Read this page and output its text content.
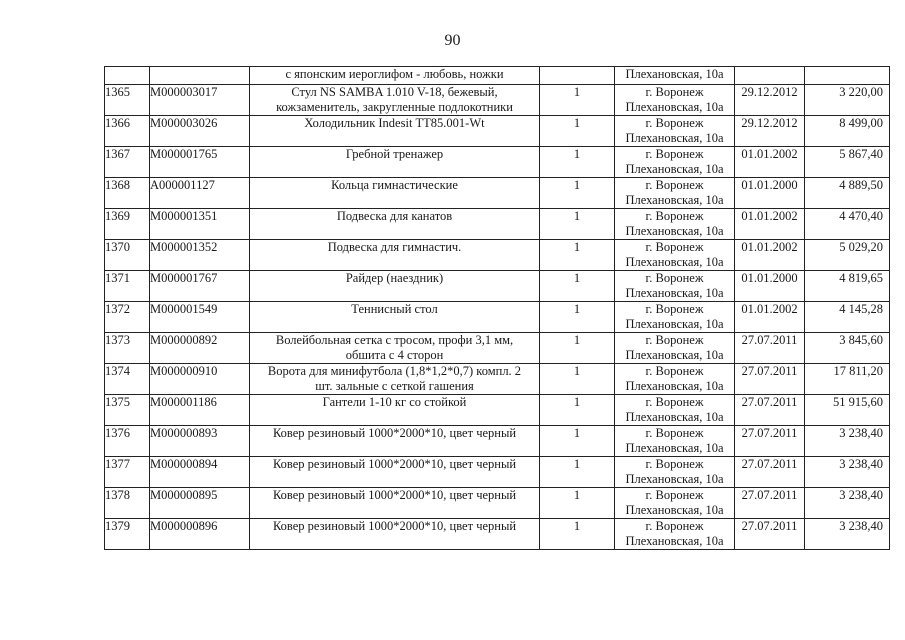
90

		с японским иероглифом - любовь, ножки		Плехановская, 10а		

1365	М000003017	Стул NS SAMBA 1.010 V-18, бежевый,
кожзаменитель, закругленные подлокотники	1	г. Воронеж
Плехановская, 10а	29.12.2012	3 220,00

1366	М000003026	Холодильник Indesit ТТ85.001-Wt	1	г. Воронеж
Плехановская, 10а	29.12.2012	8 499,00

1367	М000001765	Гребной тренажер	1	г. Воронеж
Плехановская, 10а	01.01.2002	5 867,40

1368	А000001127	Кольца гимнастические	1	г. Воронеж
Плехановская, 10а	01.01.2000	4 889,50

1369	М000001351	Подвеска для канатов	1	г. Воронеж
Плехановская, 10а	01.01.2002	4 470,40

1370	М000001352	Подвеска для гимнастич.	1	г. Воронеж
Плехановская, 10а	01.01.2002	5 029,20

1371	М000001767	Райдер (наездник)	1	г. Воронеж
Плехановская, 10а	01.01.2000	4 819,65

1372	М000001549	Теннисный стол	1	г. Воронеж
Плехановская, 10а	01.01.2002	4 145,28

1373	М000000892	Волейбольная сетка с тросом, профи 3,1 мм,
обшита с 4 сторон	1	г. Воронеж
Плехановская, 10а	27.07.2011	3 845,60

1374	М000000910	Ворота для минифутбола (1,8*1,2*0,7) компл. 2
шт. зальные с сеткой гашения	1	г. Воронеж
Плехановская, 10а	27.07.2011	17 811,20

1375	М000001186	Гантели 1-10 кг со стойкой	1	г. Воронеж
Плехановская, 10а	27.07.2011	51 915,60

1376	М000000893	Ковер резиновый 1000*2000*10, цвет черный	1	г. Воронеж
Плехановская, 10а	27.07.2011	3 238,40

1377	М000000894	Ковер резиновый 1000*2000*10, цвет черный	1	г. Воронеж
Плехановская, 10а	27.07.2011	3 238,40

1378	М000000895	Ковер резиновый 1000*2000*10, цвет черный	1	г. Воронеж
Плехановская, 10а	27.07.2011	3 238,40

1379	М000000896	Ковер резиновый 1000*2000*10, цвет черный	1	г. Воронеж
Плехановская, 10а	27.07.2011	3 238,40
